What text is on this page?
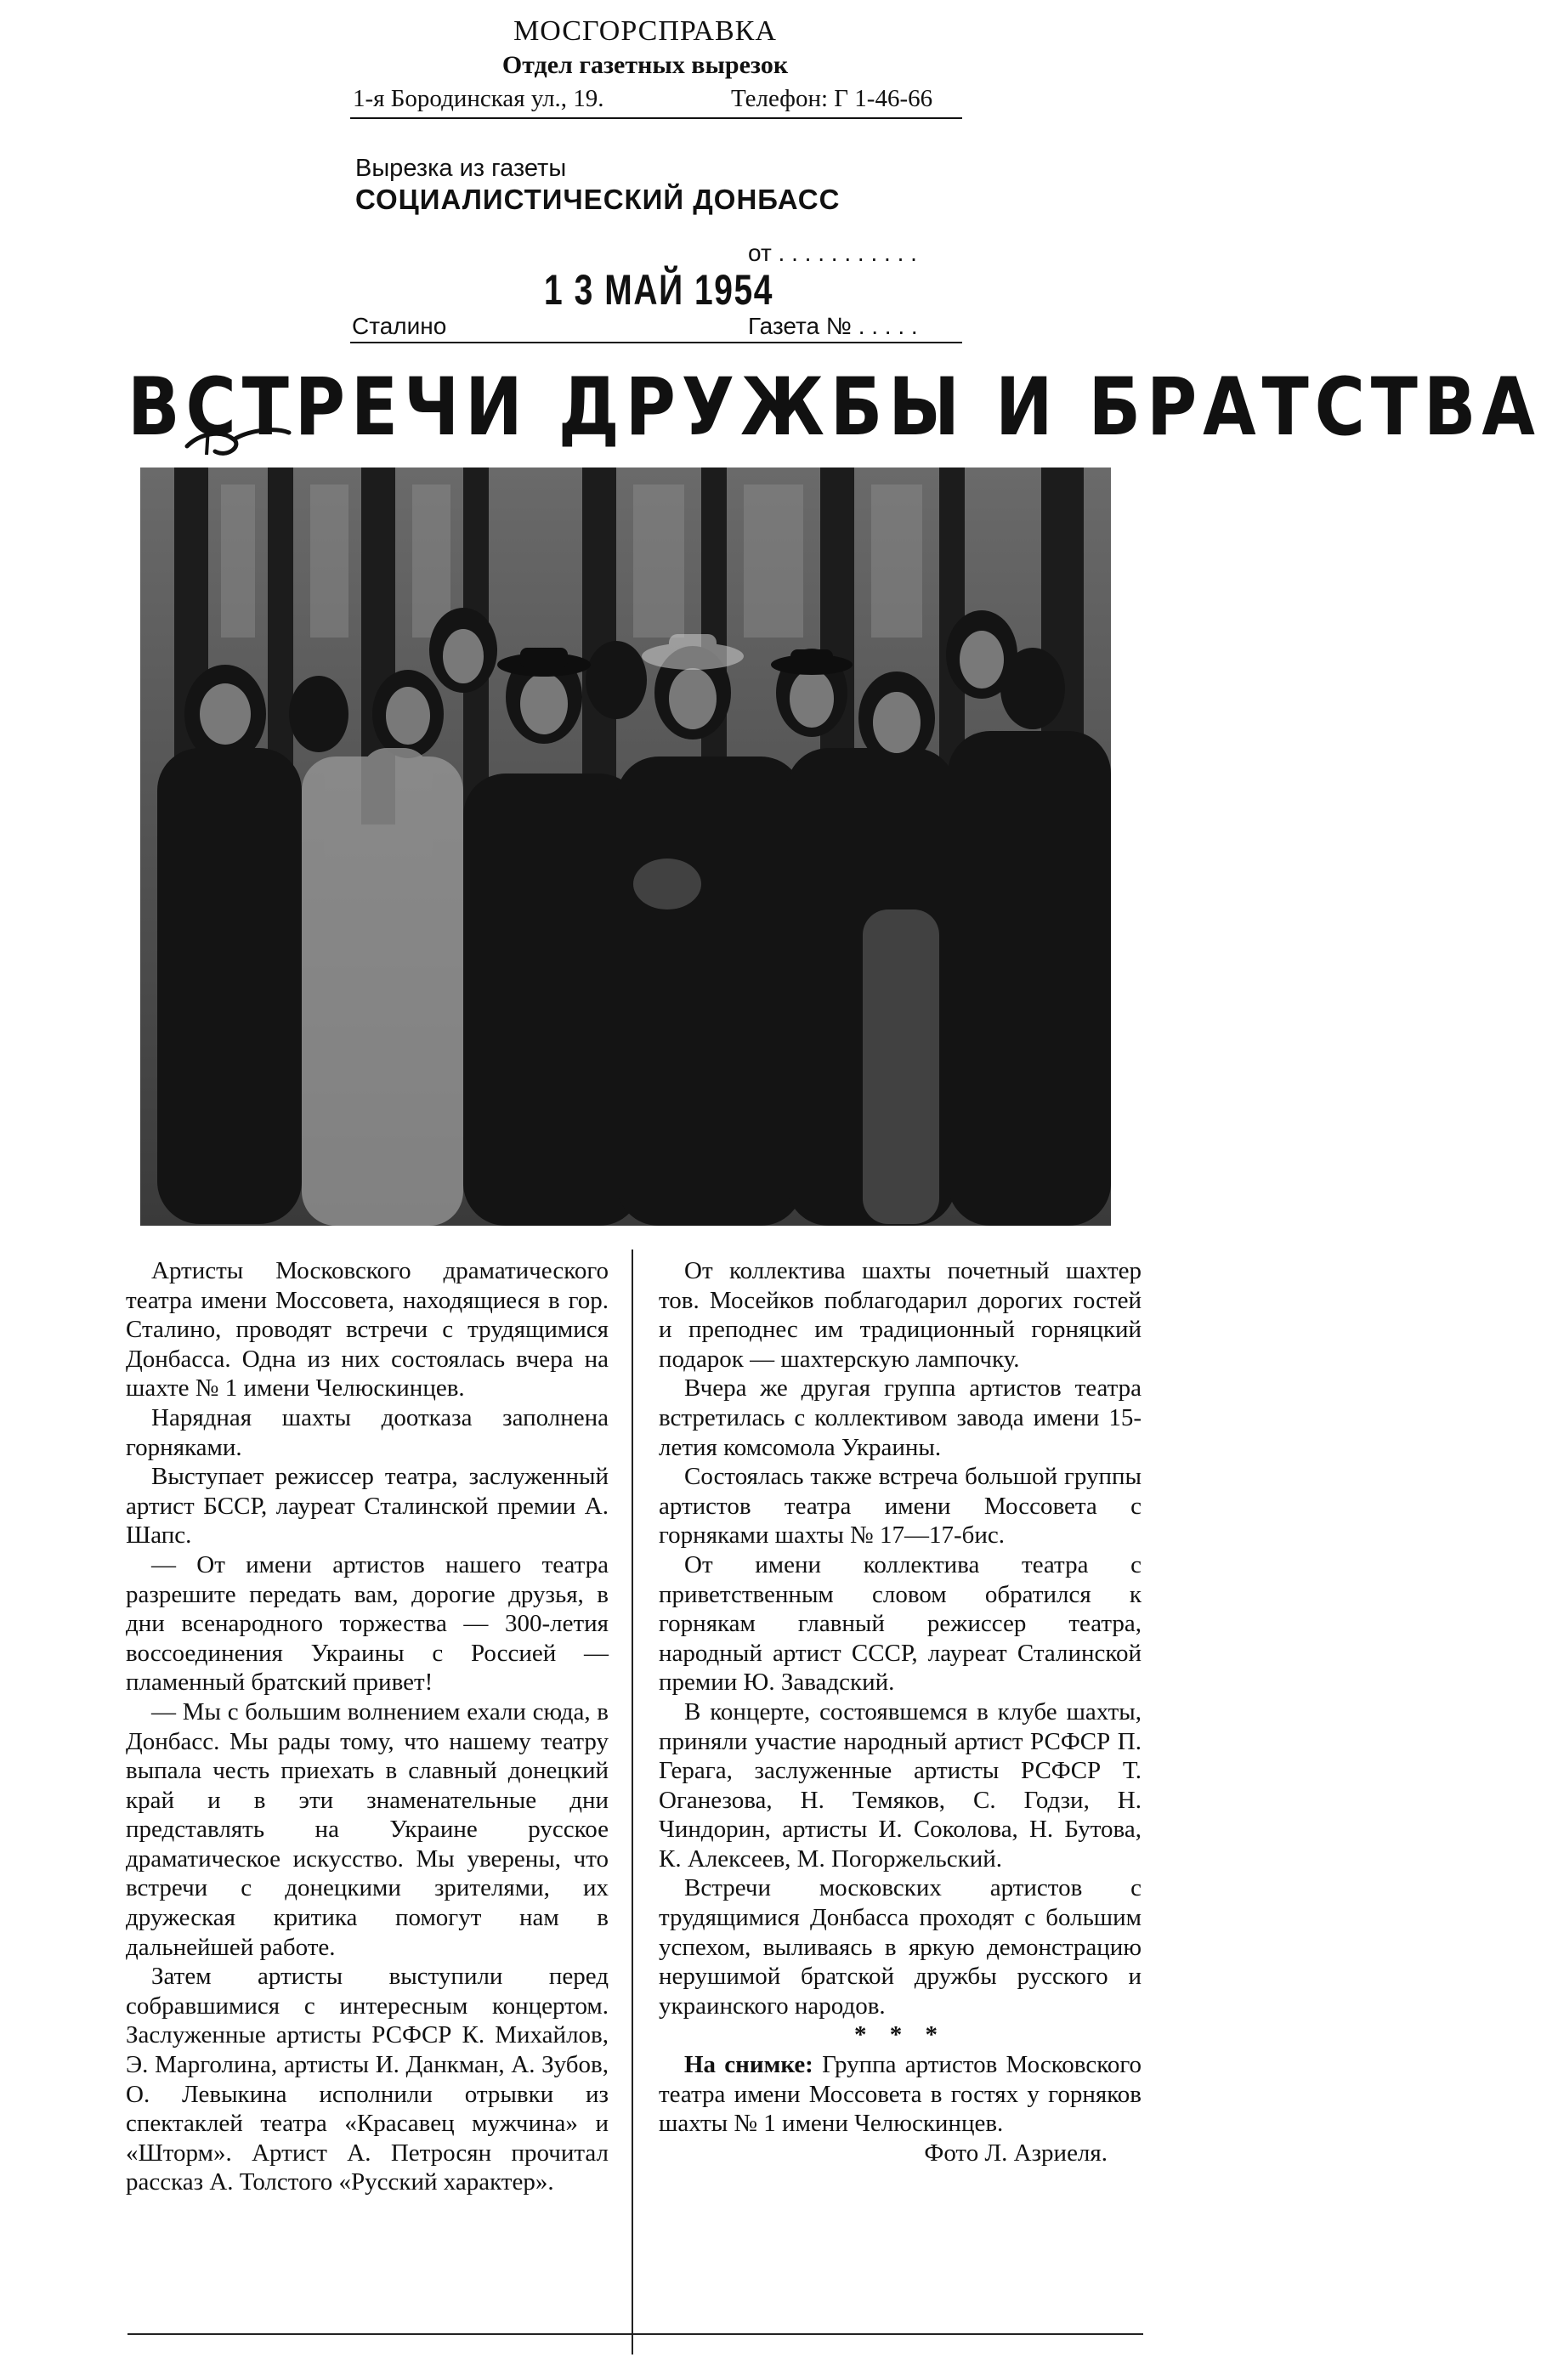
МОСГОРСПРАВКА
Отдел газетных вырезок
1-я Бородинская ул., 19.	Телефон: Г 1-46-66
Вырезка из газеты
СОЦИАЛИСТИЧЕСКИЙ ДОНБАСС
от . . . . . . . . . . .
1 3 МАЙ 1954
Сталино	Газета № . . . . .
ВСТРЕЧИ ДРУЖБЫ И БРАТСТВА

Артисты Московского драматического театра имени Моссовета, находящиеся в гор. Сталино, проводят встречи с трудящимися Донбасса. Одна из них состоялась вчера на шахте № 1 имени Челюскинцев.

Нарядная шахты доотказа заполнена горняками.

Выступает режиссер театра, заслуженный артист БССР, лауреат Сталинской премии А. Шапс.

— От имени артистов нашего театра разрешите передать вам, дорогие друзья, в дни всенародного торжества — 300-летия воссоединения Украины с Россией — пламенный братский привет!

— Мы с большим волнением ехали сюда, в Донбасс. Мы рады тому, что нашему театру выпала честь приехать в славный донецкий край и в эти знаменательные дни представлять на Украине русское драматическое искусство. Мы уверены, что встречи с донецкими зрителями, их дружеская критика помогут нам в дальнейшей работе.

Затем артисты выступили перед собравшимися с интересным концертом. Заслуженные артисты РСФСР К. Михайлов, Э. Марголина, артисты И. Данкман, А. Зубов, О. Левыкина исполнили отрывки из спектаклей театра «Красавец мужчина» и «Шторм». Артист А. Петросян прочитал рассказ А. Толстого «Русский характер».

От коллектива шахты почетный шахтер тов. Мосейков поблагодарил дорогих гостей и преподнес им традиционный горняцкий подарок — шахтерскую лампочку.

Вчера же другая группа артистов театра встретилась с коллективом завода имени 15-летия комсомола Украины.

Состоялась также встреча большой группы артистов театра имени Моссовета с горняками шахты № 17—17-бис.

От имени коллектива театра с приветственным словом обратился к горнякам главный режиссер театра, народный артист СССР, лауреат Сталинской премии Ю. Завадский.

В концерте, состоявшемся в клубе шахты, приняли участие народный артист РСФСР П. Герага, заслуженные артисты РСФСР Т. Оганезова, Н. Темяков, С. Годзи, Н. Чиндорин, артисты И. Соколова, Н. Бутова, К. Алексеев, М. Погоржельский.

Встречи московских артистов с трудящимися Донбасса проходят с большим успехом, выливаясь в яркую демонстрацию нерушимой братской дружбы русского и украинского народов.

* * *

На снимке: Группа артистов Московского театра имени Моссовета в гостях у горняков шахты № 1 имени Челюскинцев.

Фото Л. Азриеля.
